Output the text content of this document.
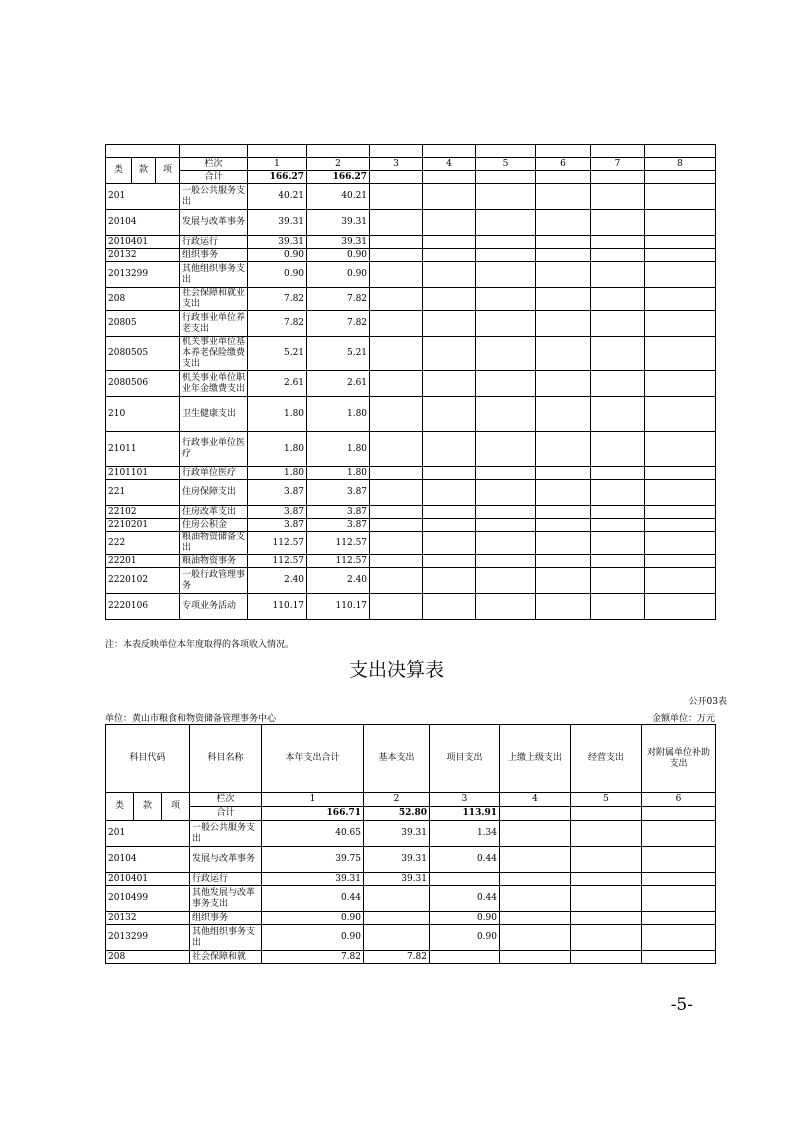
类	款	项	栏次	1	2	3	4	5	6	7	8
			合计	166.27	166.27						
201			一般公共服务支出	40.21	40.21						
20104			发展与改革事务	39.31	39.31						
2010401			行政运行	39.31	39.31						
20132			组织事务	0.90	0.90						
2013299			其他组织事务支出	0.90	0.90						
208			社会保障和就业支出	7.82	7.82						
20805			行政事业单位养老支出	7.82	7.82						
2080505			机关事业单位基本养老保险缴费支出	5.21	5.21						
2080506			机关事业单位职业年金缴费支出	2.61	2.61						
210			卫生健康支出	1.80	1.80						
21011			行政事业单位医疗	1.80	1.80						
2101101			行政单位医疗	1.80	1.80						
221			住房保障支出	3.87	3.87						
22102			住房改革支出	3.87	3.87						
2210201			住房公积金	3.87	3.87						
222			粮油物资储备支出	112.57	112.57						
22201			粮油物资事务	112.57	112.57						
2220102			一般行政管理事务	2.40	2.40						
2220106			专项业务活动	110.17	110.17						
注：本表反映单位本年度取得的各项收入情况。
支出决算表
公开03表
单位：黄山市粮食和物资储备管理事务中心	金额单位：万元
科目代码			科目名称	本年支出合计	基本支出	项目支出	上缴上级支出	经营支出	对附属单位补助支出
类	款	项	栏次	1	2	3	4	5	6
			合计	166.71	52.80	113.91			
201			一般公共服务支出	40.65	39.31	1.34			
20104			发展与改革事务	39.75	39.31	0.44			
2010401			行政运行	39.31	39.31				
2010499			其他发展与改革事务支出	0.44		0.44			
20132			组织事务	0.90		0.90			
2013299			其他组织事务支出	0.90		0.90			
208			社会保障和就	7.82	7.82				
-5-
